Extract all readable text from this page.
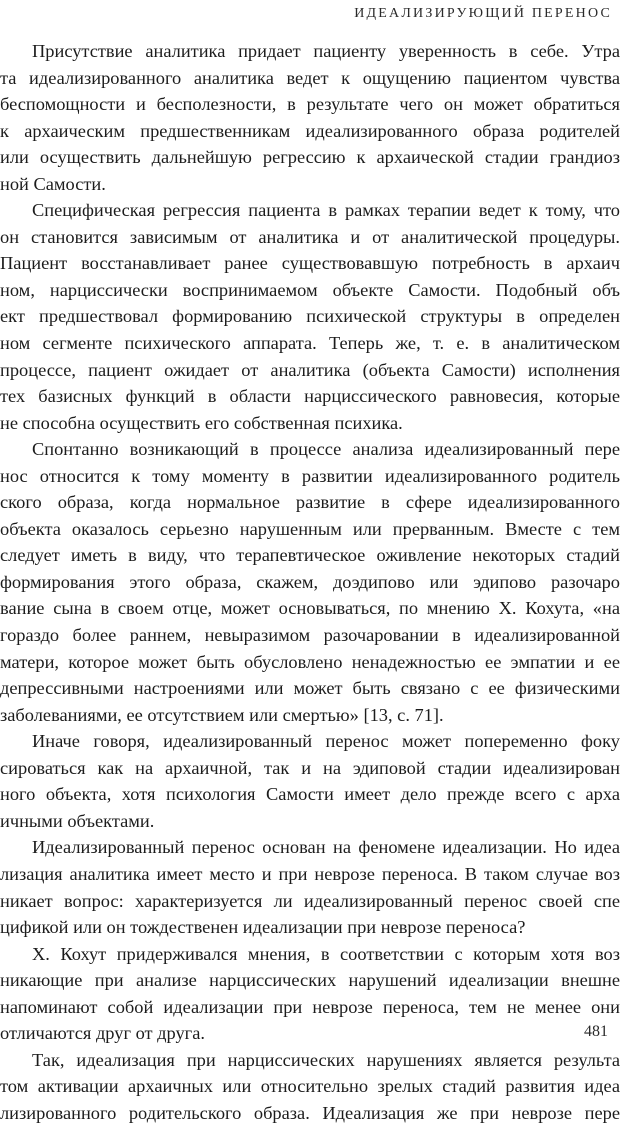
ИДЕАЛИЗИРУЮЩИЙ ПЕРЕНОС
Присутствие аналитика придает пациенту уверенность в себе. Утра
та идеализированного аналитика ведет к ощущению пациентом чувства
беспомощности и бесполезности, в результате чего он может обратиться
к архаическим предшественникам идеализированного образа родителей
или осуществить дальнейшую регрессию к архаической стадии грандиоз
ной Самости.
Специфическая регрессия пациента в рамках терапии ведет к тому, что
он становится зависимым от аналитика и от аналитической процедуры.
Пациент восстанавливает ранее существовавшую потребность в архаич
ном, нарциссически воспринимаемом объекте Самости. Подобный объ
ект предшествовал формированию психической структуры в определен
ном сегменте психического аппарата. Теперь же, т. е. в аналитическом
процессе, пациент ожидает от аналитика (объекта Самости) исполнения
тех базисных функций в области нарциссического равновесия, которые
не способна осуществить его собственная психика.
Спонтанно возникающий в процессе анализа идеализированный пере
нос относится к тому моменту в развитии идеализированного родитель
ского образа, когда нормальное развитие в сфере идеализированного
объекта оказалось серьезно нарушенным или прерванным. Вместе с тем
следует иметь в виду, что терапевтическое оживление некоторых стадий
формирования этого образа, скажем, доэдипово или эдипово разочаро
вание сына в своем отце, может основываться, по мнению Х. Кохута, «на
гораздо более раннем, невыразимом разочаровании в идеализированной
матери, которое может быть обусловлено ненадежностью ее эмпатии и ее
депрессивными настроениями или может быть связано с ее физическими
заболеваниями, ее отсутствием или смертью» [13, с. 71].
Иначе говоря, идеализированный перенос может попеременно фоку
сироваться как на архаичной, так и на эдиповой стадии идеализирован
ного объекта, хотя психология Самости имеет дело прежде всего с арха
ичными объектами.
Идеализированный перенос основан на феномене идеализации. Но идеа
лизация аналитика имеет место и при неврозе переноса. В таком случае воз
никает вопрос: характеризуется ли идеализированный перенос своей спе
цификой или он тождественен идеализации при неврозе переноса?
Х. Кохут придерживался мнения, в соответствии с которым хотя воз
никающие при анализе нарциссических нарушений идеализации внешне
напоминают собой идеализации при неврозе переноса, тем не менее они
отличаются друг от друга.
Так, идеализация при нарциссических нарушениях является результа
том активации архаичных или относительно зрелых стадий развития идеа
лизированного родительского образа. Идеализация же при неврозе пере
481
